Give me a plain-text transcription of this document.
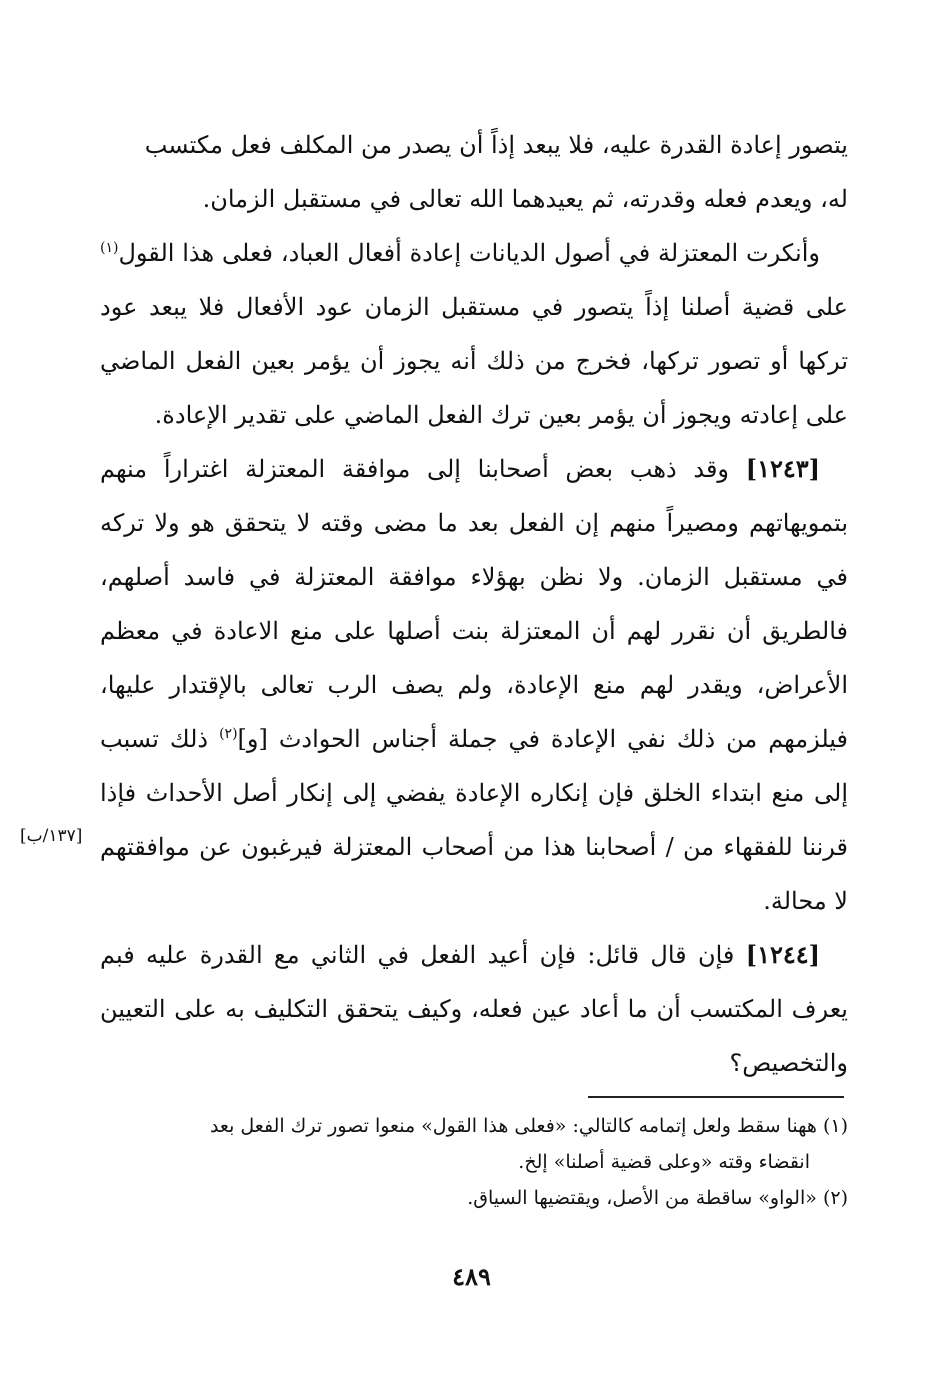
يتصور إعادة القدرة عليه، فلا يبعد إذاً أن يصدر من المكلف فعل مكتسب
له، ويعدم فعله وقدرته، ثم يعيدهما الله تعالى في مستقبل الزمان.

وأنكرت المعتزلة في أصول الديانات إعادة أفعال العباد، فعلى هذا القول$^{(١)}$ على قضية أصلنا إذاً يتصور في مستقبل الزمان عود الأفعال فلا يبعد عود تركها أو تصور تركها، فخرج من ذلك أنه يجوز أن يؤمر بعين الفعل الماضي على إعادته ويجوز أن يؤمر بعين ترك الفعل الماضي على تقدير الإعادة.

[١٢٤٣] وقد ذهب بعض أصحابنا إلى موافقة المعتزلة اغتراراً منهم بتمويهاتهم ومصيراً منهم إن الفعل بعد ما مضى وقته لا يتحقق هو ولا تركه في مستقبل الزمان. ولا نظن بهؤلاء موافقة المعتزلة في فاسد أصلهم، فالطريق أن نقرر لهم أن المعتزلة بنت أصلها على منع الاعادة في معظم الأعراض، ويقدر لهم منع الإعادة، ولم يصف الرب تعالى بالإقتدار عليها، فيلزمهم من ذلك نفي الإعادة في جملة أجناس الحوادث [و]$^{(٢)}$ ذلك تسبب إلى منع ابتداء الخلق فإن إنكاره الإعادة يفضي إلى إنكار أصل الأحداث فإذا قرننا للفقهاء من / أصحابنا هذا من أصحاب المعتزلة فيرغبون عن موافقتهم لا محالة.

[١٢٤٤] فإن قال قائل: فإن أعيد الفعل في الثاني مع القدرة عليه فبم يعرف المكتسب أن ما أعاد عين فعله، وكيف يتحقق التكليف به على التعيين والتخصيص؟

[١٣٧/ب]

(١) ههنا سقط ولعل إتمامه كالتالي: «فعلى هذا القول» منعوا تصور ترك الفعل بعد
انقضاء وقته «وعلى قضية أصلنا» إلخ.

(٢) «الواو» ساقطة من الأصل، ويقتضيها السياق.

٤٨٩
